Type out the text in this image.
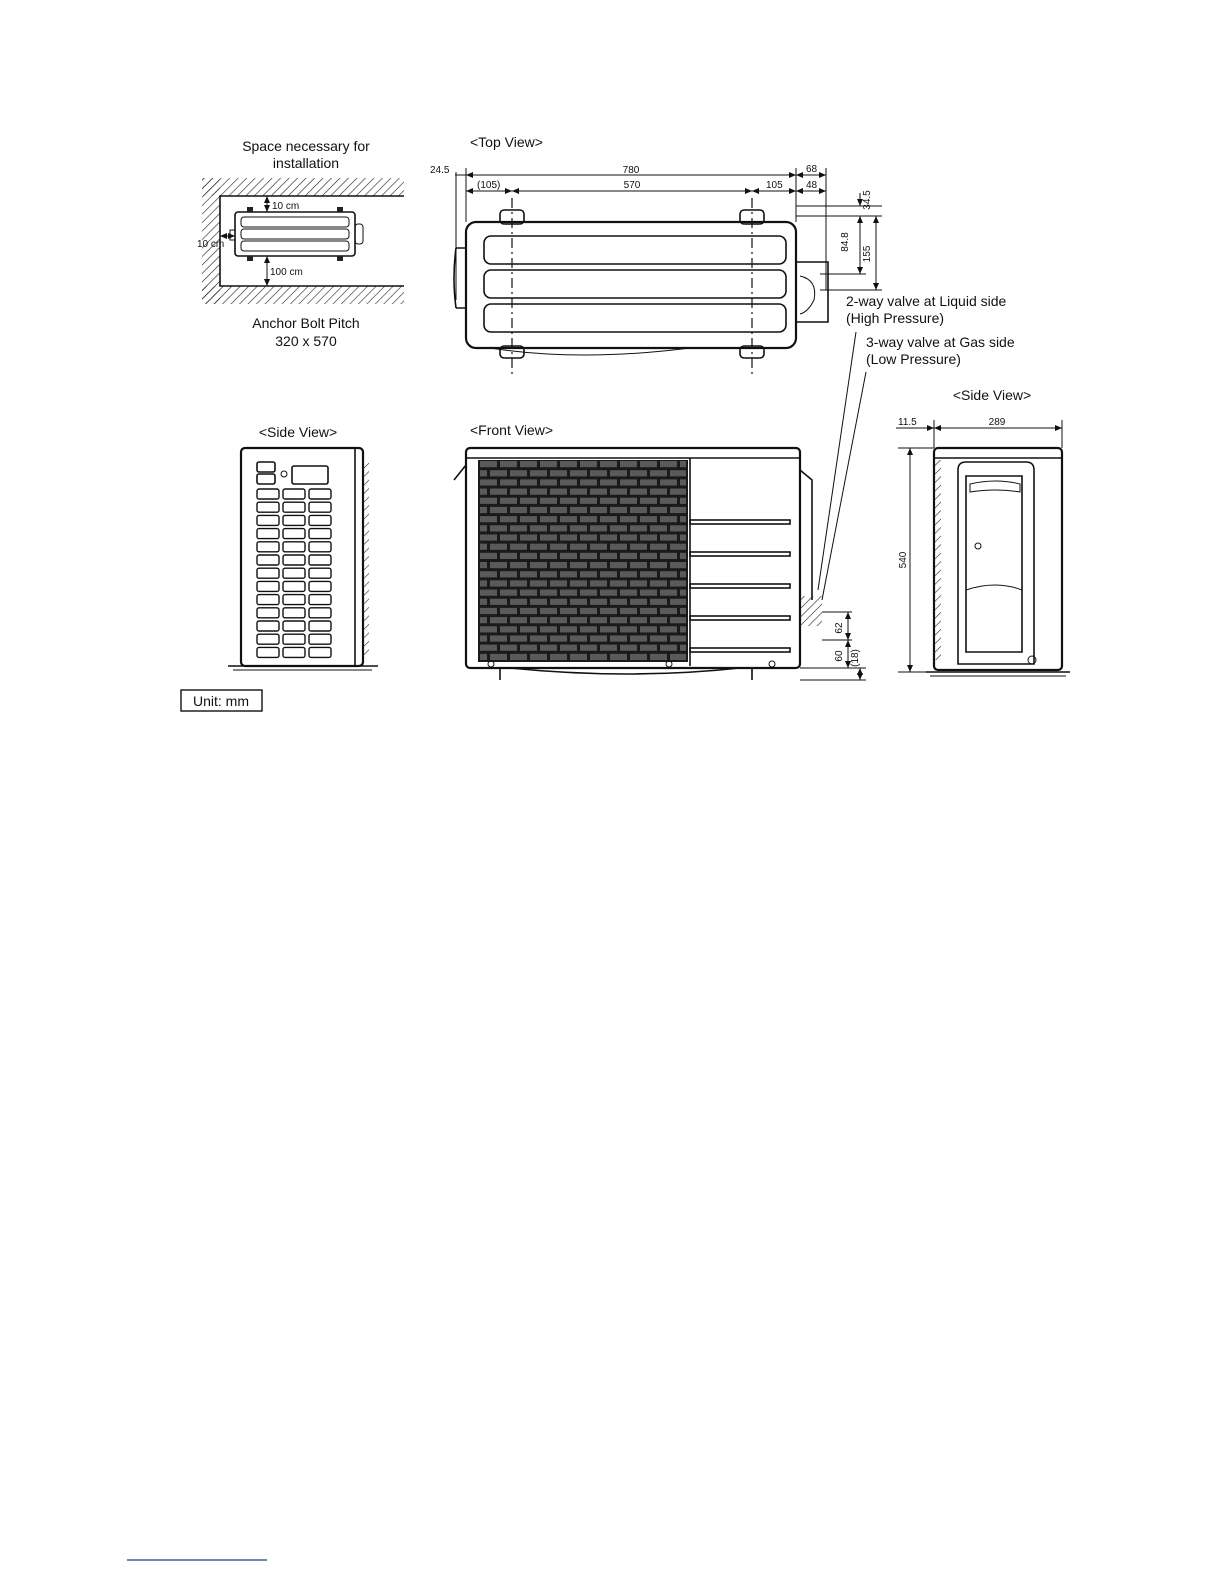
Space necessary for
installation
10 cm
10 cm
100 cm
Anchor Bolt Pitch
320 x 570
<Top View>
780
24.5
(105)	570	105
68
48
34.5
84.8
155
2-way valve at Liquid side
(High Pressure)
3-way valve at Gas side
(Low Pressure)
<Side View>	<Front View>
62
60 (18)
<Side View>
11.5	289
540
Unit: mm
